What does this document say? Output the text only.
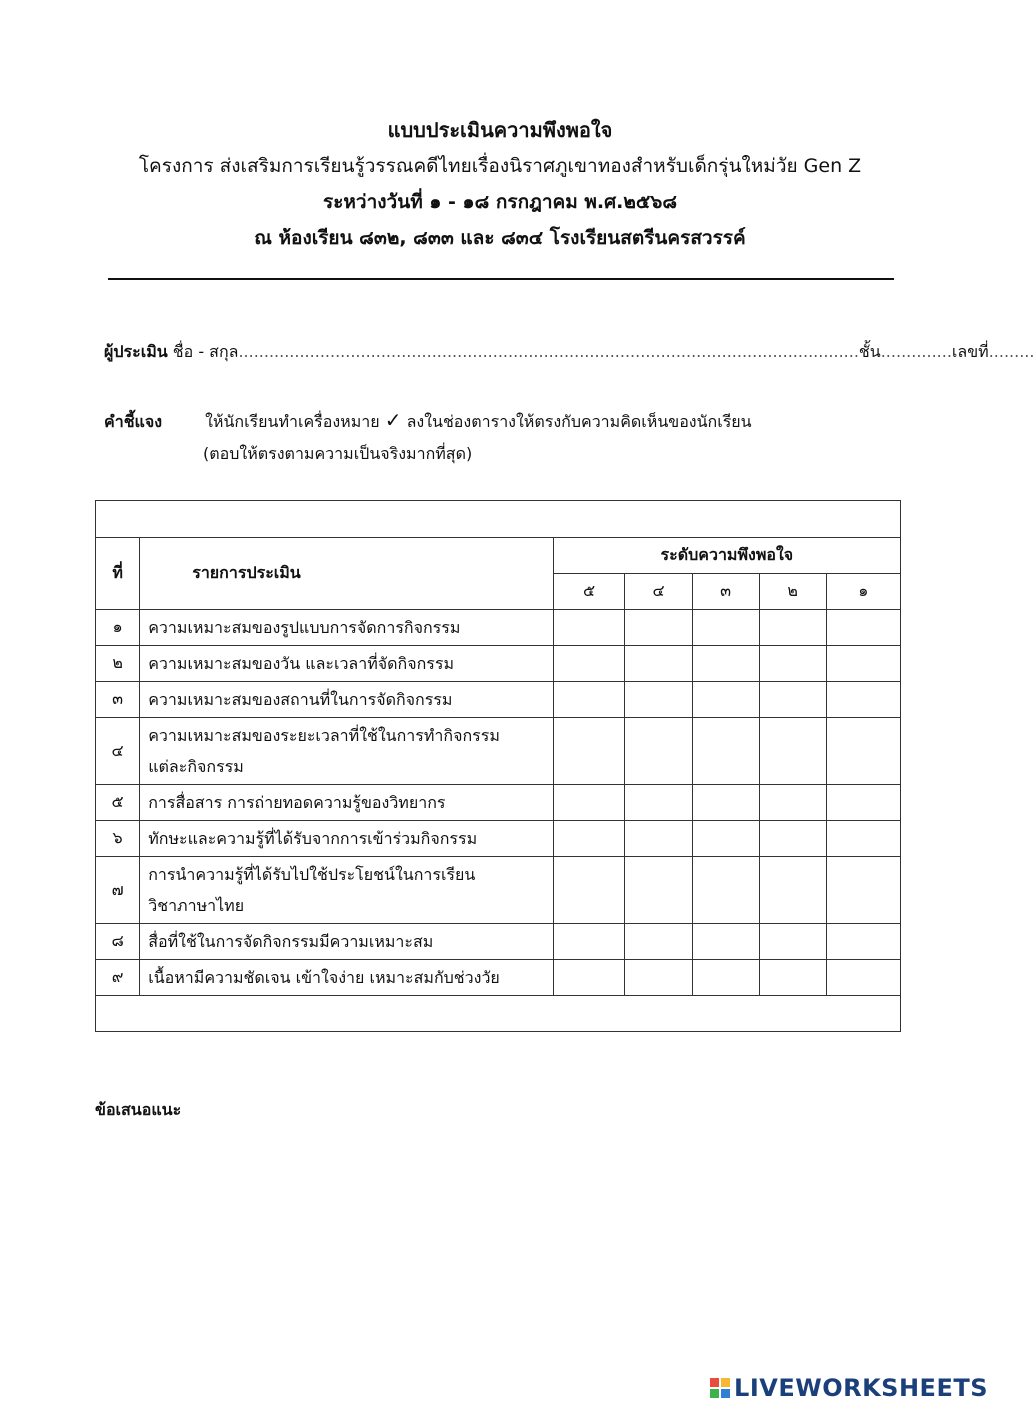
แบบประเมินความพึงพอใจ
โครงการ ส่งเสริมการเรียนรู้วรรณคดีไทยเรื่องนิราศภูเขาทองสำหรับเด็กรุ่นใหม่วัย Gen Z
ระหว่างวันที่ ๑ - ๑๘ กรกฎาคม พ.ศ.๒๕๖๘
ณ ห้องเรียน ๘๓๒, ๘๓๓ และ ๘๓๔ โรงเรียนสตรีนครสวรรค์
ผู้ประเมิน ชื่อ - สกุล..........................................................................................................................ชั้น..............เลขที่.........
คำชี้แจง	ให้นักเรียนทำเครื่องหมาย ✓ ลงในช่องตารางให้ตรงกับความคิดเห็นของนักเรียน
(ตอบให้ตรงตามความเป็นจริงมากที่สุด)

ที่	รายการประเมิน	ระดับความพึงพอใจ				
		๕	๔	๓	๒	๑
๑	ความเหมาะสมของรูปแบบการจัดการกิจกรรม					
๒	ความเหมาะสมของวัน และเวลาที่จัดกิจกรรม					
๓	ความเหมาะสมของสถานที่ในการจัดกิจกรรม					
๔	ความเหมาะสมของระยะเวลาที่ใช้ในการทำกิจกรรม
แต่ละกิจกรรม					

๕	การสื่อสาร การถ่ายทอดความรู้ของวิทยากร					
๖	ทักษะและความรู้ที่ได้รับจากการเข้าร่วมกิจกรรม					
๗	การนำความรู้ที่ได้รับไปใช้ประโยชน์ในการเรียน
วิชาภาษาไทย					

๘	สื่อที่ใช้ในการจัดกิจกรรมมีความเหมาะสม					
๙	เนื้อหามีความชัดเจน เข้าใจง่าย เหมาะสมกับช่วงวัย					

ข้อเสนอแนะ
LIVEWORKSHEETS
